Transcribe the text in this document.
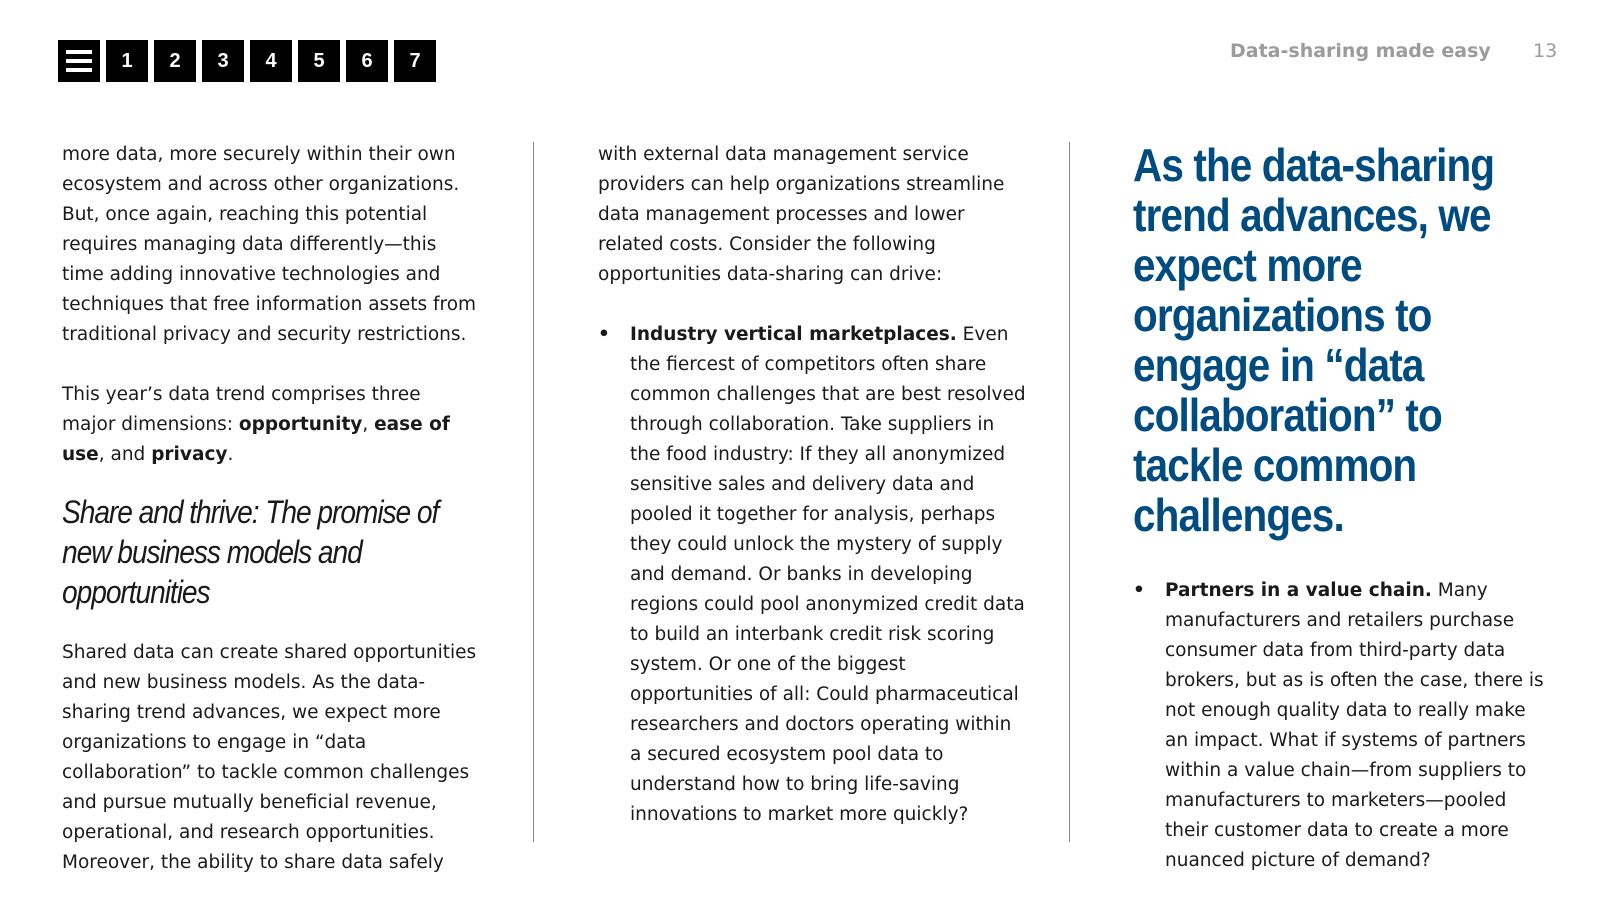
1	2	3	4	5	6	7	Data-sharing made easy 13

more data, more securely within their own ecosystem and across other organizations. But, once again, reaching this potential requires managing data differently—this time adding innovative technologies and techniques that free information assets from traditional privacy and security restrictions.

This year’s data trend comprises three major dimensions: opportunity, ease of use, and privacy.

Share and thrive: The promise of new business models and opportunities

Shared data can create shared opportunities and new business models. As the data-sharing trend advances, we expect more organizations to engage in “data collaboration” to tackle common challenges and pursue mutually beneficial revenue, operational, and research opportunities. Moreover, the ability to share data safely

with external data management service providers can help organizations streamline data management processes and lower related costs. Consider the following opportunities data-sharing can drive:

• Industry vertical marketplaces. Even the fiercest of competitors often share common challenges that are best resolved through collaboration. Take suppliers in the food industry: If they all anonymized sensitive sales and delivery data and pooled it together for analysis, perhaps they could unlock the mystery of supply and demand. Or banks in developing regions could pool anonymized credit data to build an interbank credit risk scoring system. Or one of the biggest opportunities of all: Could pharmaceutical researchers and doctors operating within a secured ecosystem pool data to understand how to bring life-saving innovations to market more quickly?
As the data-sharing trend advances, we expect more organizations to engage in “data collaboration” to tackle common challenges.
• Partners in a value chain. Many manufacturers and retailers purchase consumer data from third-party data brokers, but as is often the case, there is not enough quality data to really make an impact. What if systems of partners within a value chain—from suppliers to manufacturers to marketers—pooled their customer data to create a more nuanced picture of demand?
